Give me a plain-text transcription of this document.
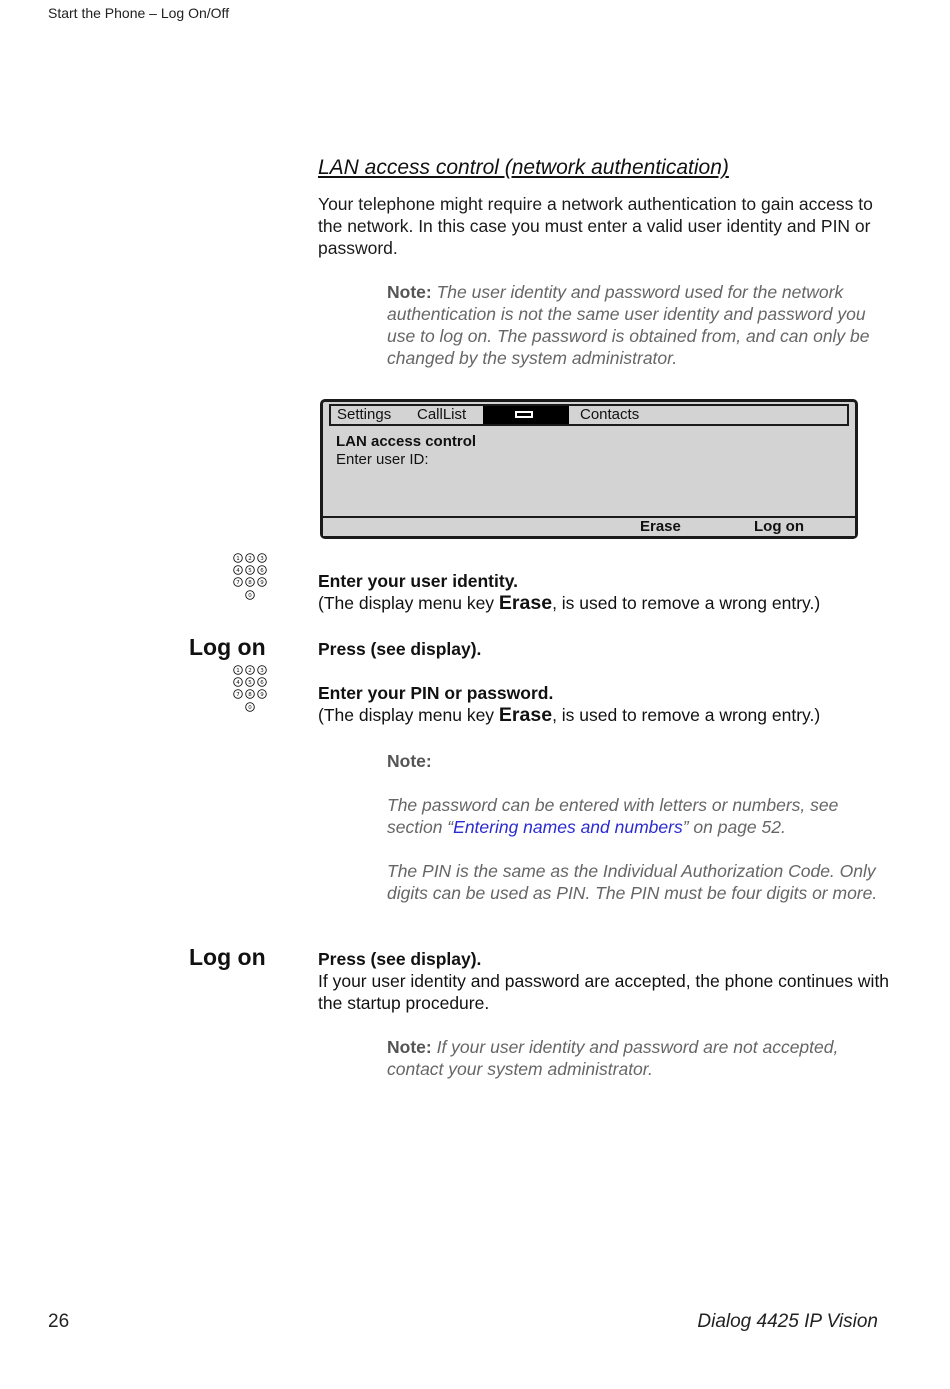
Start the Phone – Log On/Off
LAN access control (network authentication)
Your telephone might require a network authentication to gain access to the network. In this case you must enter a valid user identity and PIN or password.
Note: The user identity and password used for the network authentication is not the same user identity and password you use to log on. The password is obtained from, and can only be changed by the system administrator.
Settings CallList	Contacts
LAN access control
Enter user ID:
Erase	Log on
1 2 3
4 5 6
7 8 9
0
Enter your user identity.
(The display menu key Erase, is used to remove a wrong entry.)
Log on	Press (see display).
1 2 3
4 5 6
7 8 9
0
Enter your PIN or password.
(The display menu key Erase, is used to remove a wrong entry.)
Note:
The password can be entered with letters or numbers, see section “Entering names and numbers” on page 52.
The PIN is the same as the Individual Authorization Code. Only digits can be used as PIN. The PIN must be four digits or more.
Log on	Press (see display).
If your user identity and password are accepted, the phone continues with the startup procedure.
Note: If your user identity and password are not accepted, contact your system administrator.
26	Dialog 4425 IP Vision
